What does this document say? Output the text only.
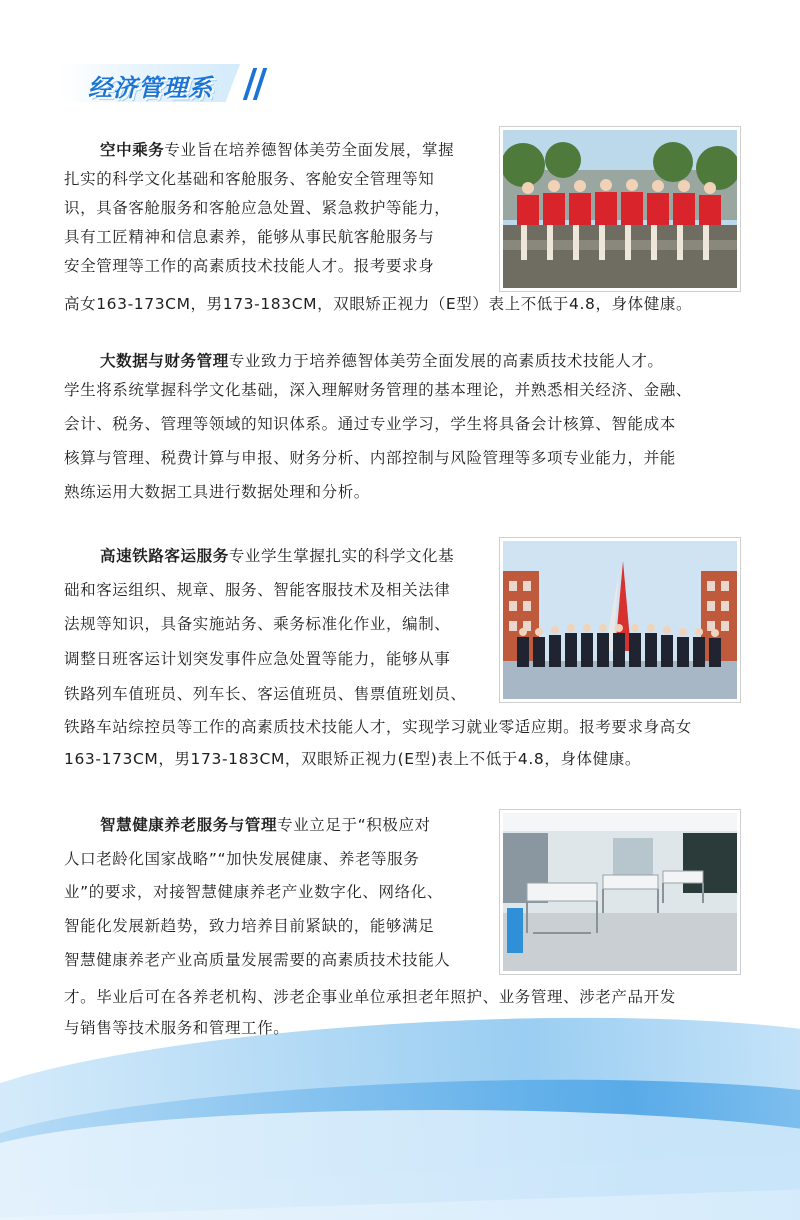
经济管理系

空中乘务专业旨在培养德智体美劳全面发展，掌握

扎实的科学文化基础和客舱服务、客舱安全管理等知

识，具备客舱服务和客舱应急处置、紧急救护等能力，

具有工匠精神和信息素养，能够从事民航客舱服务与

安全管理等工作的高素质技术技能人才。报考要求身

高女163-173CM，男173-183CM，双眼矫正视力（E型）表上不低于4.8，身体健康。

大数据与财务管理专业致力于培养德智体美劳全面发展的高素质技术技能人才。

学生将系统掌握科学文化基础，深入理解财务管理的基本理论，并熟悉相关经济、金融、

会计、税务、管理等领域的知识体系。通过专业学习，学生将具备会计核算、智能成本

核算与管理、税费计算与申报、财务分析、内部控制与风险管理等多项专业能力，并能

熟练运用大数据工具进行数据处理和分析。

高速铁路客运服务专业学生掌握扎实的科学文化基

础和客运组织、规章、服务、智能客服技术及相关法律

法规等知识，具备实施站务、乘务标准化作业，编制、

调整日班客运计划突发事件应急处置等能力，能够从事

铁路列车值班员、列车长、客运值班员、售票值班划员、

铁路车站综控员等工作的高素质技术技能人才，实现学习就业零适应期。报考要求身高女

163-173CM，男173-183CM，双眼矫正视力(E型)表上不低于4.8，身体健康。

智慧健康养老服务与管理专业立足于“积极应对

人口老龄化国家战略”“加快发展健康、养老等服务

业”的要求，对接智慧健康养老产业数字化、网络化、

智能化发展新趋势，致力培养目前紧缺的，能够满足

智慧健康养老产业高质量发展需要的高素质技术技能人

才。毕业后可在各养老机构、涉老企事业单位承担老年照护、业务管理、涉老产品开发

与销售等技术服务和管理工作。
